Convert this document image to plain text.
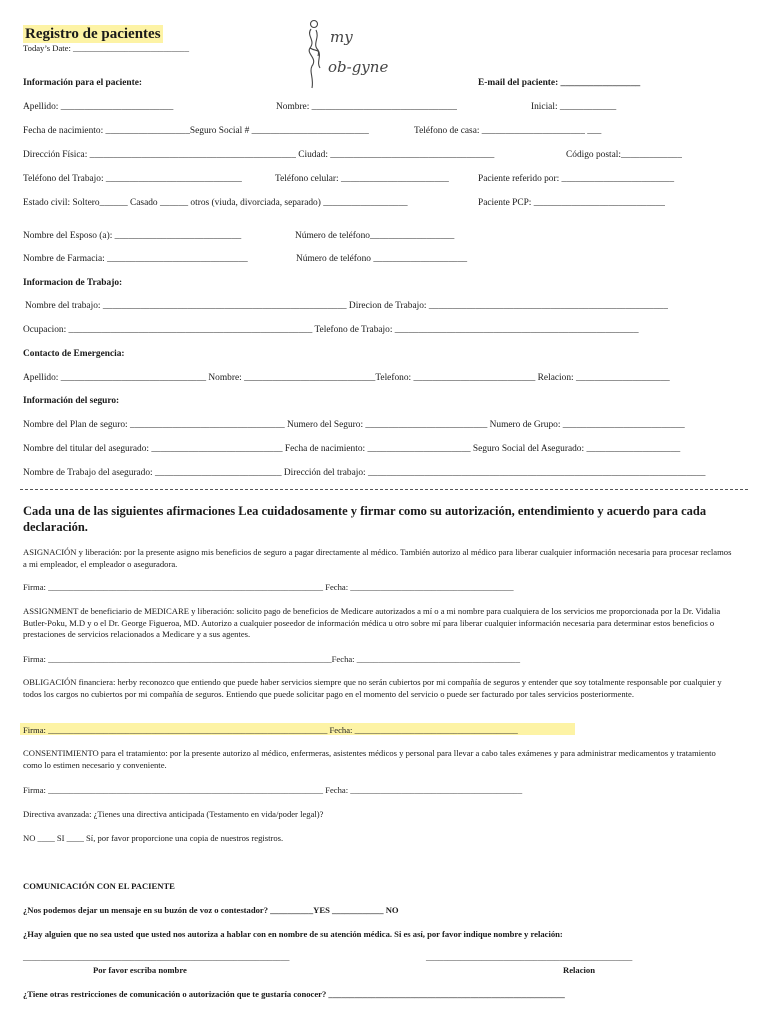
Registro de pacientes
Today’s Date: ___________________________
my
ob-gyne
Información para el paciente:	E-mail del paciente: _________________
Apellido: ________________________	Nombre: _______________________________	Inicial: ____________
Fecha de nacimiento: __________________Seguro Social # _________________________	Teléfono de casa: ______________________ ___
Dirección Física: ____________________________________________ Ciudad: ___________________________________	Código postal:_____________
Teléfono del Trabajo: _____________________________	Teléfono celular: _______________________	Paciente referido por: ________________________
Estado civil: Soltero______ Casado ______ otros (viuda, divorciada, separado) __________________	Paciente PCP: ____________________________
Nombre del Esposo (a): ___________________________	Número de teléfono__________________
Nombre de Farmacia: ______________________________	Número de teléfono ____________________
Informacion de Trabajo:
Nombre del trabajo: ____________________________________________________ Direcion de Trabajo: ___________________________________________________
Ocupacion: ____________________________________________________ Telefono de Trabajo: ____________________________________________________
Contacto de Emergencia:
Apellido: _______________________________ Nombre: ____________________________Telefono: __________________________ Relacion: ____________________
Información del seguro:
Nombre del Plan de seguro: _________________________________ Numero del Seguro: __________________________ Numero de Grupo: __________________________
Nombre del titular del asegurado: ____________________________ Fecha de nacimiento: ______________________ Seguro Social del Asegurado: ____________________
Nombre de Trabajo del asegurado: ___________________________ Dirección del trabajo: ________________________________________________________________________
Cada una de las siguientes afirmaciones Lea cuidadosamente y firmar como su autorización, entendimiento y acuerdo para cada declaración.
ASIGNACIÓN y liberación: por la presente asigno mis beneficios de seguro a pagar directamente al médico. También autorizo al médico para liberar cualquier información necesaria para procesar reclamos a mi empleador, el empleador o aseguradora.
Firma: ________________________________________________________________ Fecha: ______________________________________
ASSIGNMENT de beneficiario de MEDICARE y liberación: solicito pago de beneficios de Medicare autorizados a mí o a mi nombre para cualquiera de los servicios me proporcionada por la Dr. Vidalia Butler-Poku, M.D y o el Dr. George Figueroa, MD. Autorizo a cualquier poseedor de información médica u otro sobre mí para liberar cualquier información necesaria para determinar estos beneficios o prestaciones de servicios relacionados a Medicare y a sus agentes.
Firma: __________________________________________________________________Fecha: ______________________________________
OBLIGACIÓN financiera: herby reconozco que entiendo que puede haber servicios siempre que no serán cubiertos por mi compañía de seguros y entender que soy totalmente responsable por cualquier y todos los cargos no cubiertos por mi compañía de seguros. Entiendo que puede solicitar pago en el momento del servicio o puede ser facturado por tales servicios posteriormente.
Firma: _________________________________________________________________ Fecha: ______________________________________
CONSENTIMIENTO para el tratamiento: por la presente autorizo al médico, enfermeras, asistentes médicos y personal para llevar a cabo tales exámenes y para administrar medicamentos y tratamiento como lo estimen necesario y conveniente.
Firma: ________________________________________________________________ Fecha: ________________________________________
Directiva avanzada: ¿Tienes una directiva anticipada (Testamento en vida/poder legal)?
NO ____ SI ____ Sí, por favor proporcione una copia de nuestros registros.
COMUNICACIÓN CON EL PACIENTE
¿Nos podemos dejar un mensaje en su buzón de voz o contestador? __________YES ____________ NO
¿Hay alguien que no sea usted que usted nos autoriza a hablar con en nombre de su atención médica. Si es así, por favor indique nombre y relación:
______________________________________________________________	________________________________________________
Por favor escriba nombre	Relacion
¿Tiene otras restricciones de comunicación o autorización que te gustaría conocer? _______________________________________________________
